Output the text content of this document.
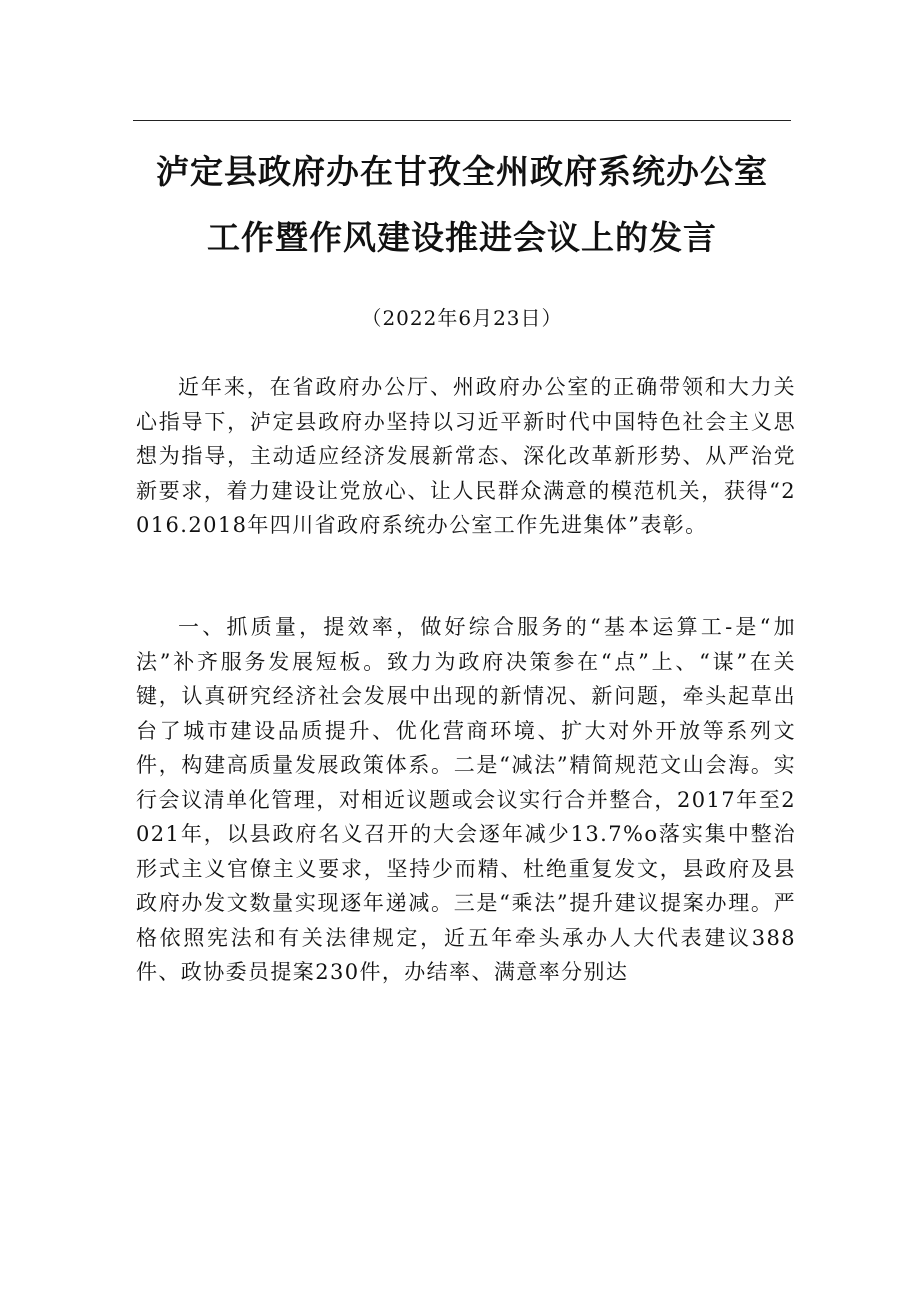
泸定县政府办在甘孜全州政府系统办公室
工作暨作风建设推进会议上的发言
（2022年6月23日）

近年来，在省政府办公厅、州政府办公室的正确带领和大力关心指导下，泸定县政府办坚持以习近平新时代中国特色社会主义思想为指导，主动适应经济发展新常态、深化改革新形势、从严治党新要求，着力建设让党放心、让人民群众满意的模范机关，获得“2016.2018年四川省政府系统办公室工作先进集体”表彰。

一、抓质量，提效率，做好综合服务的“基本运算工-是“加法”补齐服务发展短板。致力为政府决策参在“点”上、“谋”在关键，认真研究经济社会发展中出现的新情况、新问题，牵头起草出台了城市建设品质提升、优化营商环境、扩大对外开放等系列文件，构建高质量发展政策体系。二是“减法”精简规范文山会海。实行会议清单化管理，对相近议题或会议实行合并整合，2017年至2021年，以县政府名义召开的大会逐年减少13.7%o落实集中整治形式主义官僚主义要求，坚持少而精、杜绝重复发文，县政府及县政府办发文数量实现逐年递减。三是“乘法”提升建议提案办理。严格依照宪法和有关法律规定，近五年牵头承办人大代表建议388件、政协委员提案230件，办结率、满意率分别达
